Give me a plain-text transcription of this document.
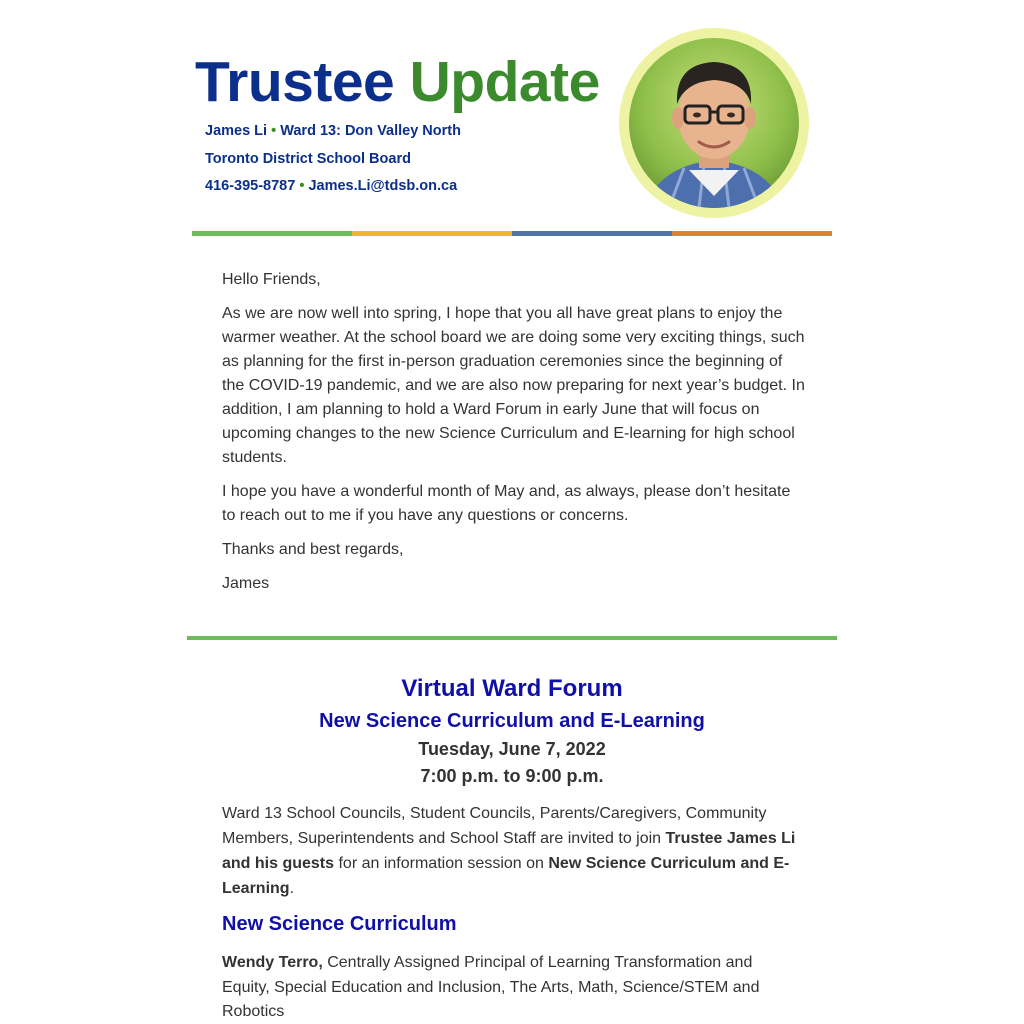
Trustee Update
James Li • Ward 13: Don Valley North
Toronto District School Board
416-395-8787 • James.Li@tdsb.on.ca

Hello Friends,

As we are now well into spring, I hope that you all have great plans to enjoy the warmer weather. At the school board we are doing some very exciting things, such as planning for the first in-person graduation ceremonies since the beginning of the COVID-19 pandemic, and we are also now preparing for next year’s budget. In addition, I am planning to hold a Ward Forum in early June that will focus on upcoming changes to the new Science Curriculum and E-learning for high school students.

I hope you have a wonderful month of May and, as always, please don’t hesitate to reach out to me if you have any questions or concerns.

Thanks and best regards,

James

Virtual Ward Forum
New Science Curriculum and E-Learning

Tuesday, June 7, 2022

7:00 p.m. to 9:00 p.m.

Ward 13 School Councils, Student Councils, Parents/Caregivers, Community Members, Superintendents and School Staff are invited to join Trustee James Li and his guests for an information session on New Science Curriculum and E-Learning.

New Science Curriculum

Wendy Terro, Centrally Assigned Principal of Learning Transformation and Equity, Special Education and Inclusion, The Arts, Math, Science/STEM and Robotics
